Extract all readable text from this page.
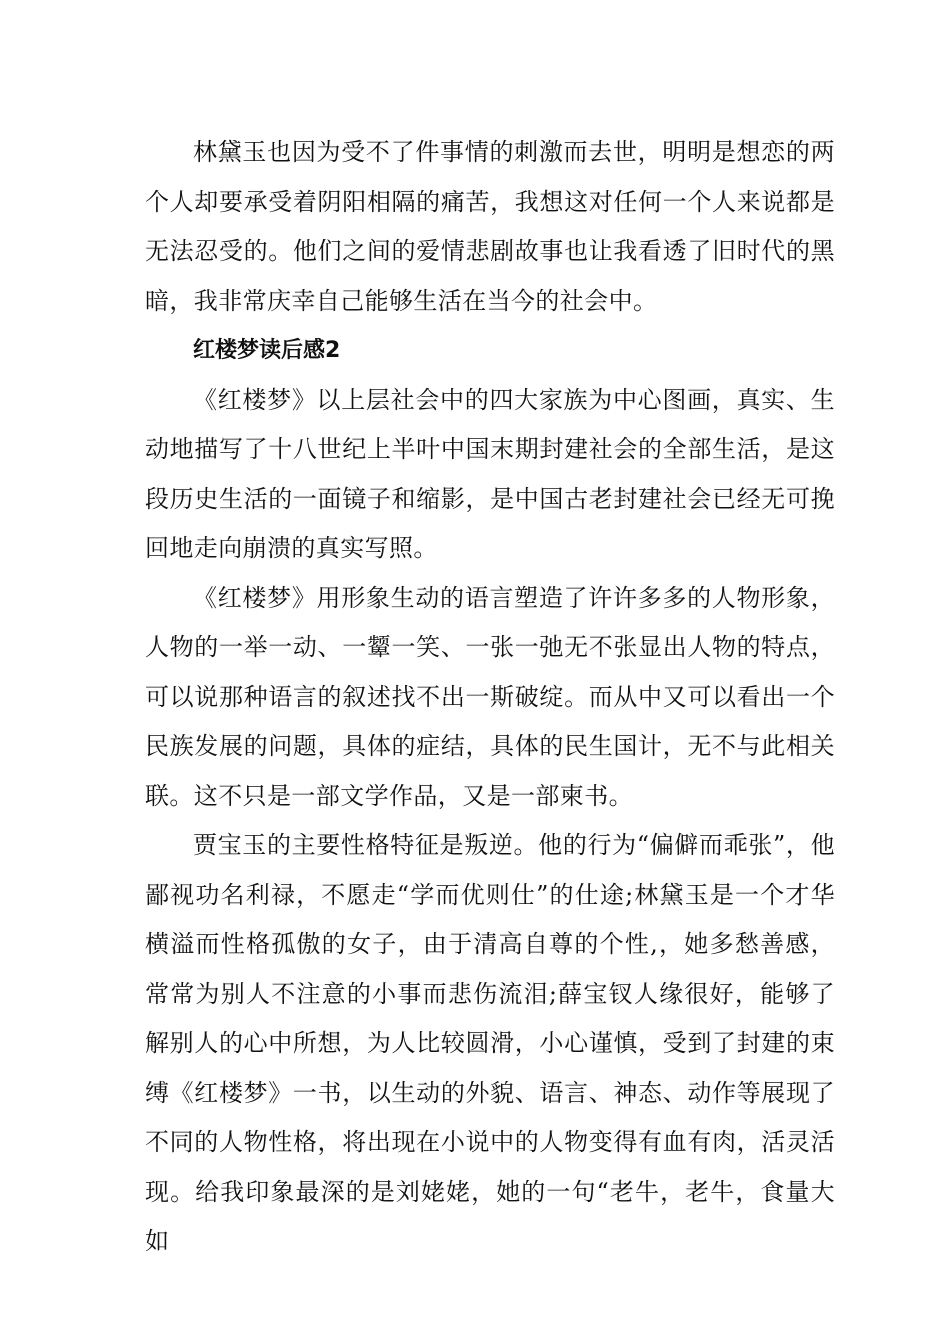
林黛玉也因为受不了件事情的刺激而去世，明明是想恋的两个人却要承受着阴阳相隔的痛苦，我想这对任何一个人来说都是无法忍受的。他们之间的爱情悲剧故事也让我看透了旧时代的黑暗，我非常庆幸自己能够生活在当今的社会中。

红楼梦读后感2

《红楼梦》以上层社会中的四大家族为中心图画，真实、生动地描写了十八世纪上半叶中国末期封建社会的全部生活，是这段历史生活的一面镜子和缩影，是中国古老封建社会已经无可挽回地走向崩溃的真实写照。

《红楼梦》用形象生动的语言塑造了许许多多的人物形象，人物的一举一动、一颦一笑、一张一弛无不张显出人物的特点，可以说那种语言的叙述找不出一斯破绽。而从中又可以看出一个民族发展的问题，具体的症结，具体的民生国计，无不与此相关联。这不只是一部文学作品，又是一部柬书。

贾宝玉的主要性格特征是叛逆。他的行为“偏僻而乖张”，他鄙视功名利禄，不愿走“学而优则仕”的仕途;林黛玉是一个才华横溢而性格孤傲的女子，由于清高自尊的个性,，她多愁善感，常常为别人不注意的小事而悲伤流泪;薛宝钗人缘很好，能够了解别人的心中所想，为人比较圆滑，小心谨慎，受到了封建的束缚《红楼梦》一书，以生动的外貌、语言、神态、动作等展现了不同的人物性格，将出现在小说中的人物变得有血有肉，活灵活现。给我印象最深的是刘姥姥，她的一句“老牛，老牛，食量大如
